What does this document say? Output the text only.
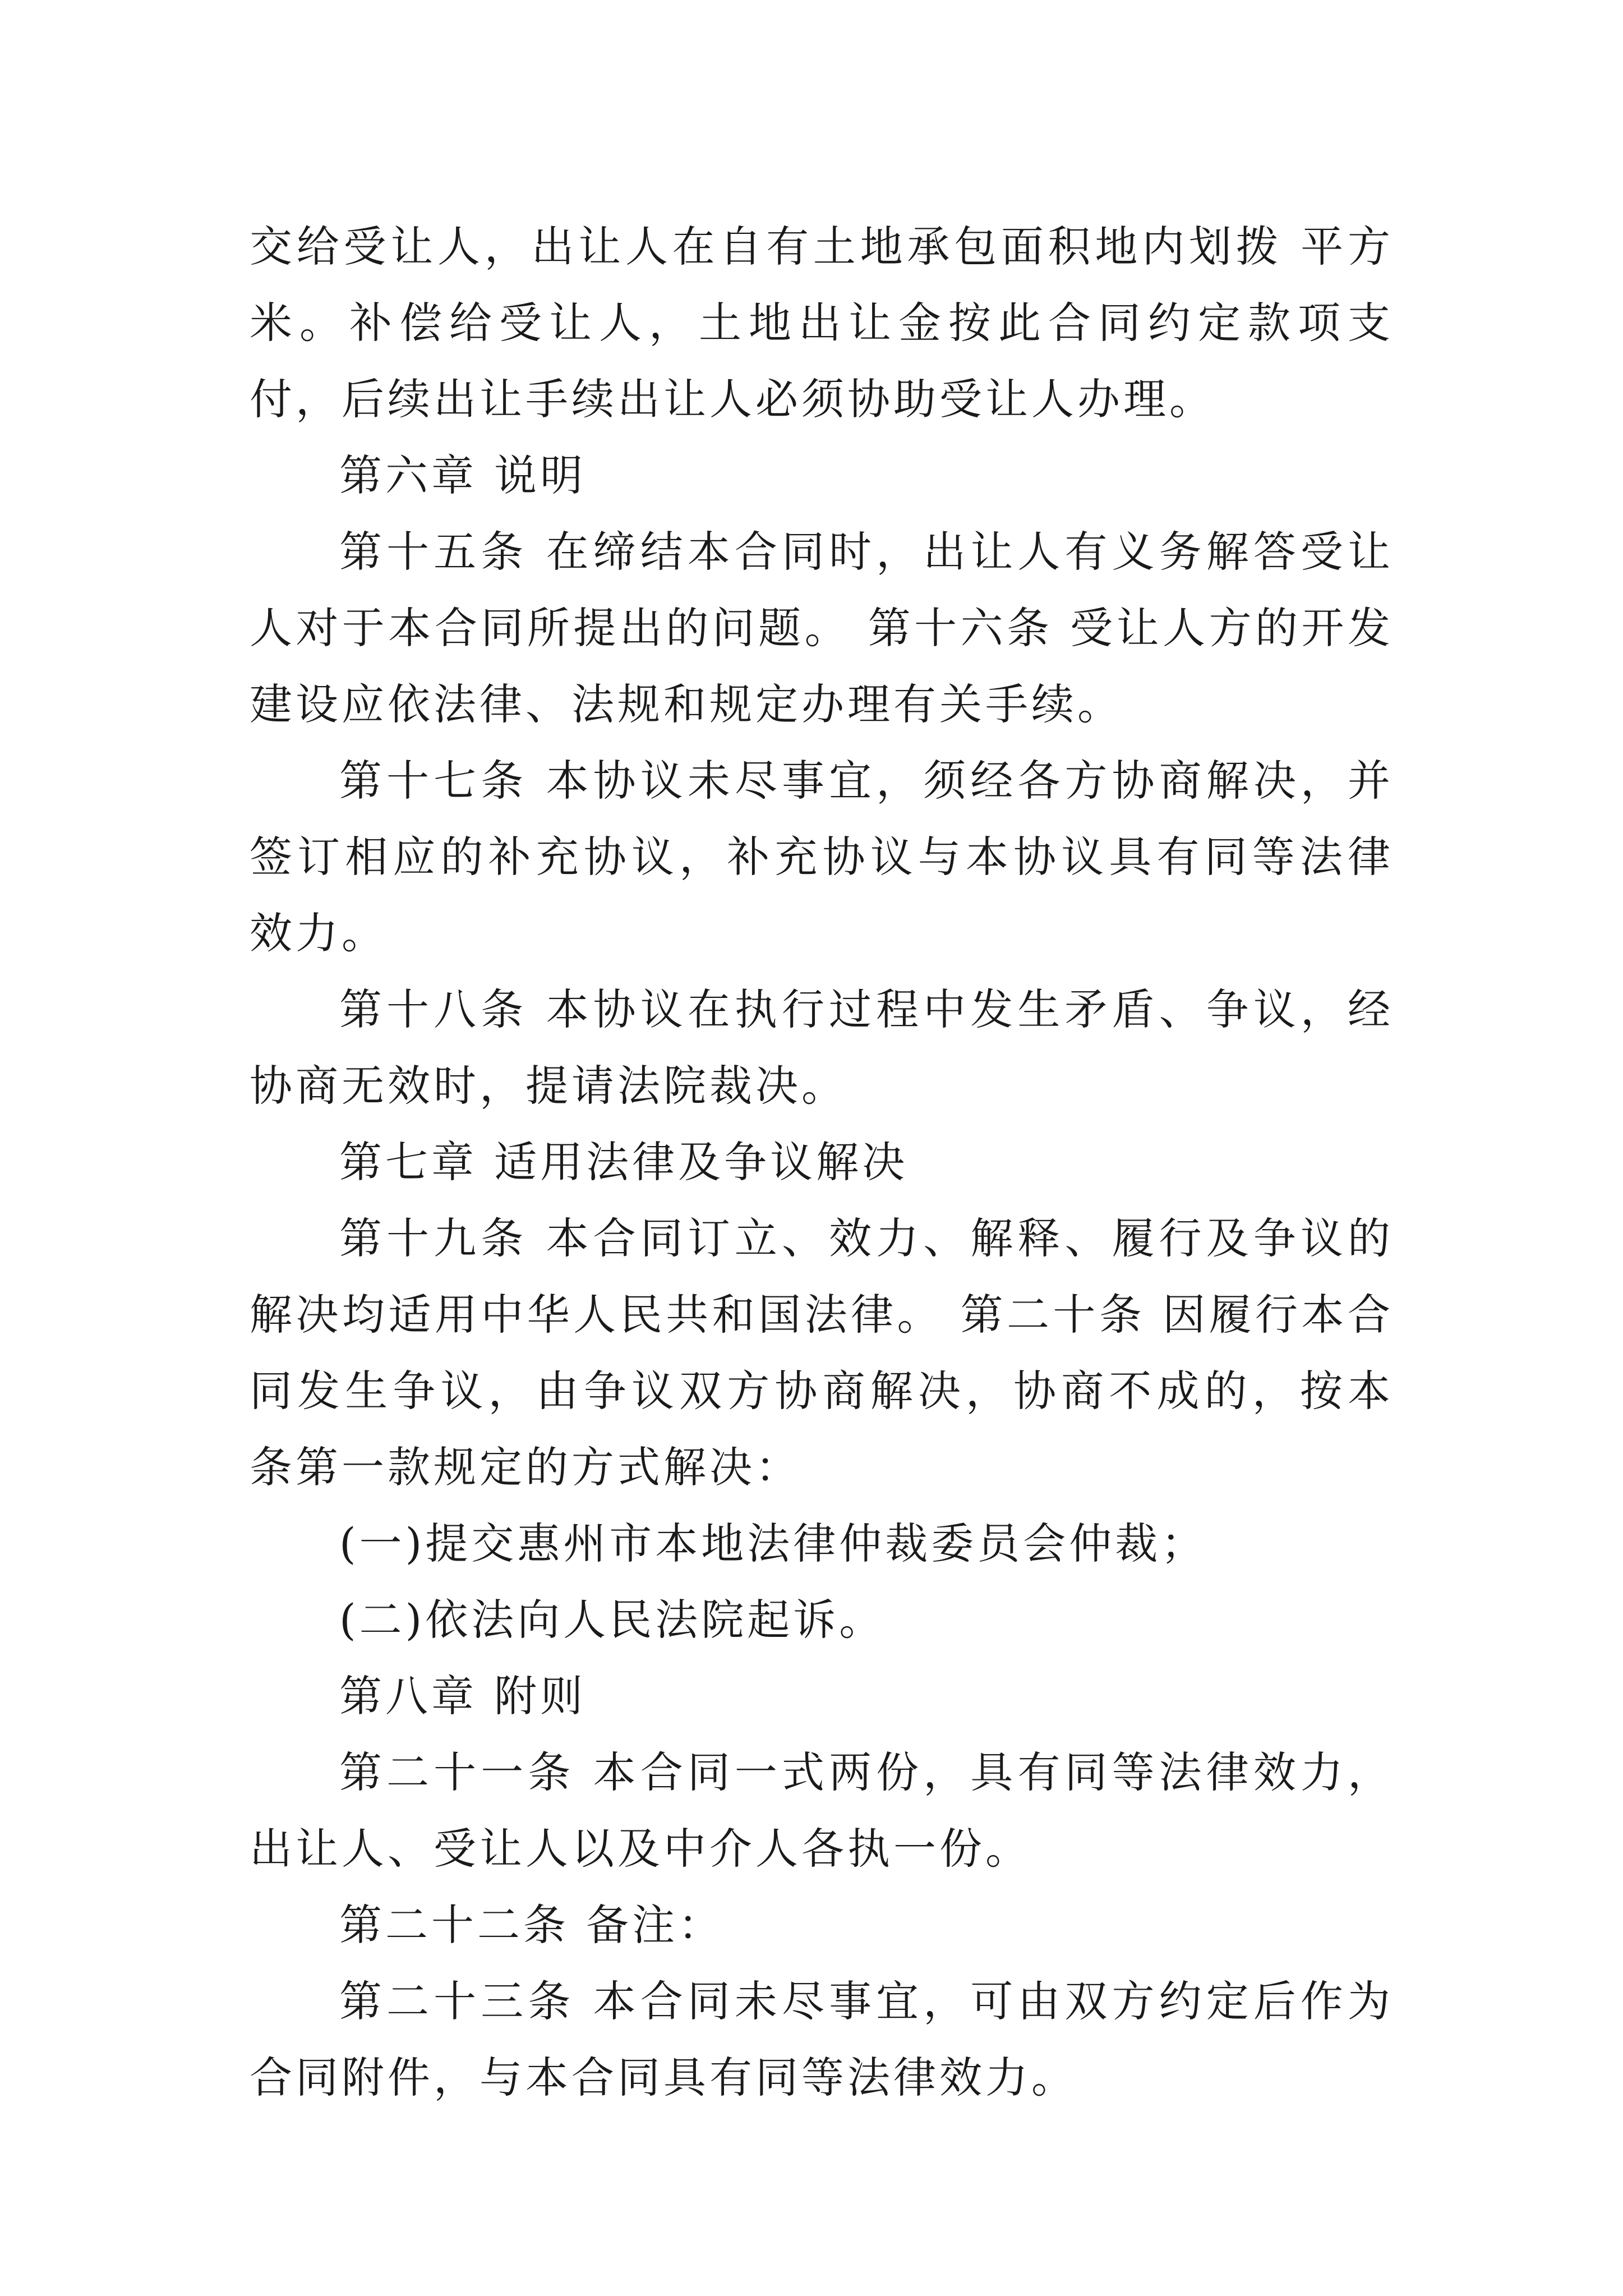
交给受让人，出让人在自有土地承包面积地内划拨 平方米。补偿给受让人，土地出让金按此合同约定款项支付，后续出让手续出让人必须协助受让人办理。

第六章 说明

第十五条 在缔结本合同时，出让人有义务解答受让人对于本合同所提出的问题。 第十六条 受让人方的开发建设应依法律、法规和规定办理有关手续。

第十七条 本协议未尽事宜，须经各方协商解决，并签订相应的补充协议，补充协议与本协议具有同等法律效力。

第十八条 本协议在执行过程中发生矛盾、争议，经协商无效时，提请法院裁决。

第七章 适用法律及争议解决

第十九条 本合同订立、效力、解释、履行及争议的解决均适用中华人民共和国法律。 第二十条 因履行本合同发生争议，由争议双方协商解决，协商不成的，按本条第一款规定的方式解决：

(一)提交惠州市本地法律仲裁委员会仲裁；

(二)依法向人民法院起诉。

第八章 附则

第二十一条 本合同一式两份，具有同等法律效力，出让人、受让人以及中介人各执一份。

第二十二条 备注：

第二十三条 本合同未尽事宜，可由双方约定后作为合同附件，与本合同具有同等法律效力。
